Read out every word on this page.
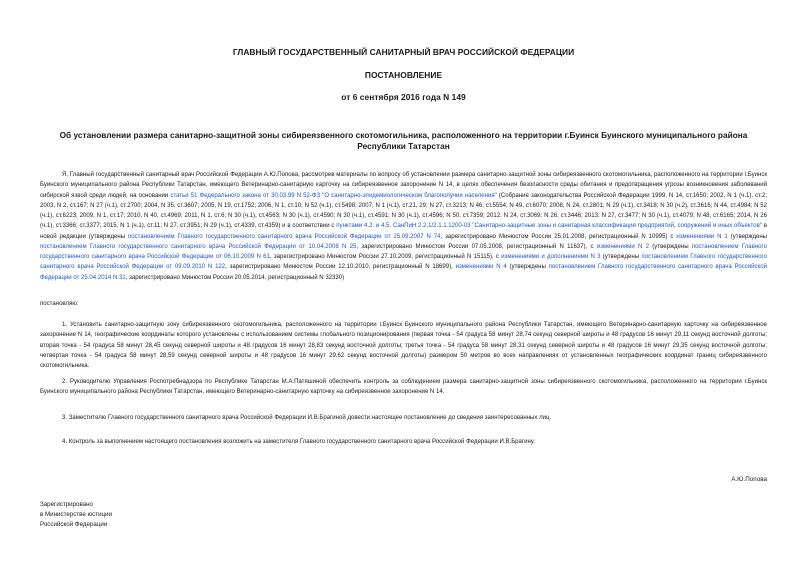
ГЛАВНЫЙ ГОСУДАРСТВЕННЫЙ САНИТАРНЫЙ ВРАЧ РОССИЙСКОЙ ФЕДЕРАЦИИ
ПОСТАНОВЛЕНИЕ
от 6 сентября 2016 года N 149
Об установлении размера санитарно-защитной зоны сибиреязвенного скотомогильника, расположенного на территории г.Буинск Буинского муниципального района Республики Татарстан
Я, Главный государственный санитарный врач Российской Федерации А.Ю.Попова, рассмотрев материалы по вопросу об установлении размера санитарно-защитной зоны сибиреязвенного скотомогильника, расположенного на территории г.Буинск Буинского муниципального района Республики Татарстан, имеющего Ветеринарно-санитарную карточку на сибиреязвенное захоронение N 14, в целях обеспечения безопасности среды обитания и предотвращения угрозы возникновения заболеваний сибирской язвой среди людей, на основании статьи 51 Федерального закона от 30.03.99 N 52-ФЗ "О санитарно-эпидемиологическом благополучии населения" (Собрание законодательства Российской Федерации 1999, N 14, ст.1650; 2002, N 1 (ч.1), ст.2; 2003, N 2, ст.167; N 27 (ч.1), ст.2700; 2004, N 35, ст.3607; 2005, N 19, ст.1752; 2006, N 1, ст.10; N 52 (ч.1), ст.5498; 2007, N 1 (ч.1), ст.21, 29; N 27, ст.3213; N 46, ст.5554; N 49, ст.6070; 2008, N 24, ст.2801; N 29 (ч.1), ст.3418; N 30 (ч.2), ст.3616; N 44, ст.4984; N 52 (ч.1), ст.6223; 2009, N 1, ст.17; 2010, N 40, ст.4969; 2011, N 1, ст.6; N 30 (ч.1), ст.4563; N 30 (ч.1), ст.4590; N 30 (ч.1), ст.4591; N 30 (ч.1), ст.4596; N 50, ст.7359; 2012, N 24, ст.3069; N 26, ст.3446; 2013, N 27, ст.3477; N 30 (ч.1), ст.4079; N 48, ст.6165; 2014, N 26 (ч.1), ст.3366; ст.3377; 2015, N 1 (ч.1), ст.11; N 27, ст.3951; N 29 (ч.1), ст.4339, ст.4359) и в соответствии с пунктами 4.2. и 4.5. СанПиН 2.2.1/2.1.1.1200-03 "Санитарно-защитные зоны и санитарная классификация предприятий, сооружений и иных объектов" в новой редакции (утверждены постановлением Главного государственного санитарного врача Российской Федерации от 25.09.2007 N 74, зарегистрировано Минюстом России 25.01.2008, регистрационный N 10995) с изменениями N 1 (утверждены постановлением Главного государственного санитарного врача Российской Федерации от 10.04.2008 N 25, зарегистрировано Минюстом России 07.05.2008, регистрационный N 11637), с изменениями N 2 (утверждены постановлением Главного государственного санитарного врача Российской Федерации от 06.10.2009 N 61, зарегистрировано Минюстом России 27.10.2009, регистрационный N 15115), с изменениями и дополнениями N 3 (утверждены постановлением Главного государственного санитарного врача Российской Федерации от 09.09.2010 N 122, зарегистрировано Минюстом России 12.10.2010, регистрационный N 18699), изменениями N 4 (утверждены постановлением Главного государственного санитарного врача Российской Федерации от 25.04.2014 N 31, зарегистрировано Минюстом России 20.05.2014, регистрационный N 32330)
постановляю:
1. Установить санитарно-защитную зону сибиреязвенного скотомогильника, расположенного на территории г.Буинск Буинского муниципального района Республики Татарстан, имеющего Ветеринарно-санитарную карточку на сибиреязвенное захоронение N 14, географические координаты которого установлены с использованием системы глобального позиционирования (первая точка - 54 градуса 58 минут 28,74 секунд северной широты и 48 градусов 16 минут 29,11 секунд восточной долготы; вторая точка - 54 градуса 58 минут 28,45 секунд северной широты и 48 градусов 16 минут 28,83 секунд восточной долготы; третья точка - 54 градуса 58 минут 28,31 секунд северной широты и 48 градусов 16 минут 29,35 секунд восточной долготы; четвертая точка - 54 градуса 58 минут 28,59 секунд северной широты и 48 градусов 16 минут 29,62 секунд восточной долготы) размером 50 метров во всех направлениях от установленных географических координат границ сибиреязвенного скотомогильника.
2. Руководителю Управления Роспотребнадзора по Республике Татарстан М.А.Патяшиной обеспечить контроль за соблюдением размера санитарно-защитной зоны сибиреязвенного скотомогильника, расположенного на территории г.Буинск Буинского муниципального района Республики Татарстан, имеющего Ветеринарно-санитарную карточку на сибиреязвенное захоронение N 14.
3. Заместителю Главного государственного санитарного врача Российской Федерации И.В.Брагиной довести настоящее постановление до сведения заинтересованных лиц.
4. Контроль за выполнением настоящего постановления возложить на заместителя Главного государственного санитарного врача Российской Федерации И.В.Брагину.
А.Ю.Попова
Зарегистрировано
в Министерстве юстиции
Российской Федерации
